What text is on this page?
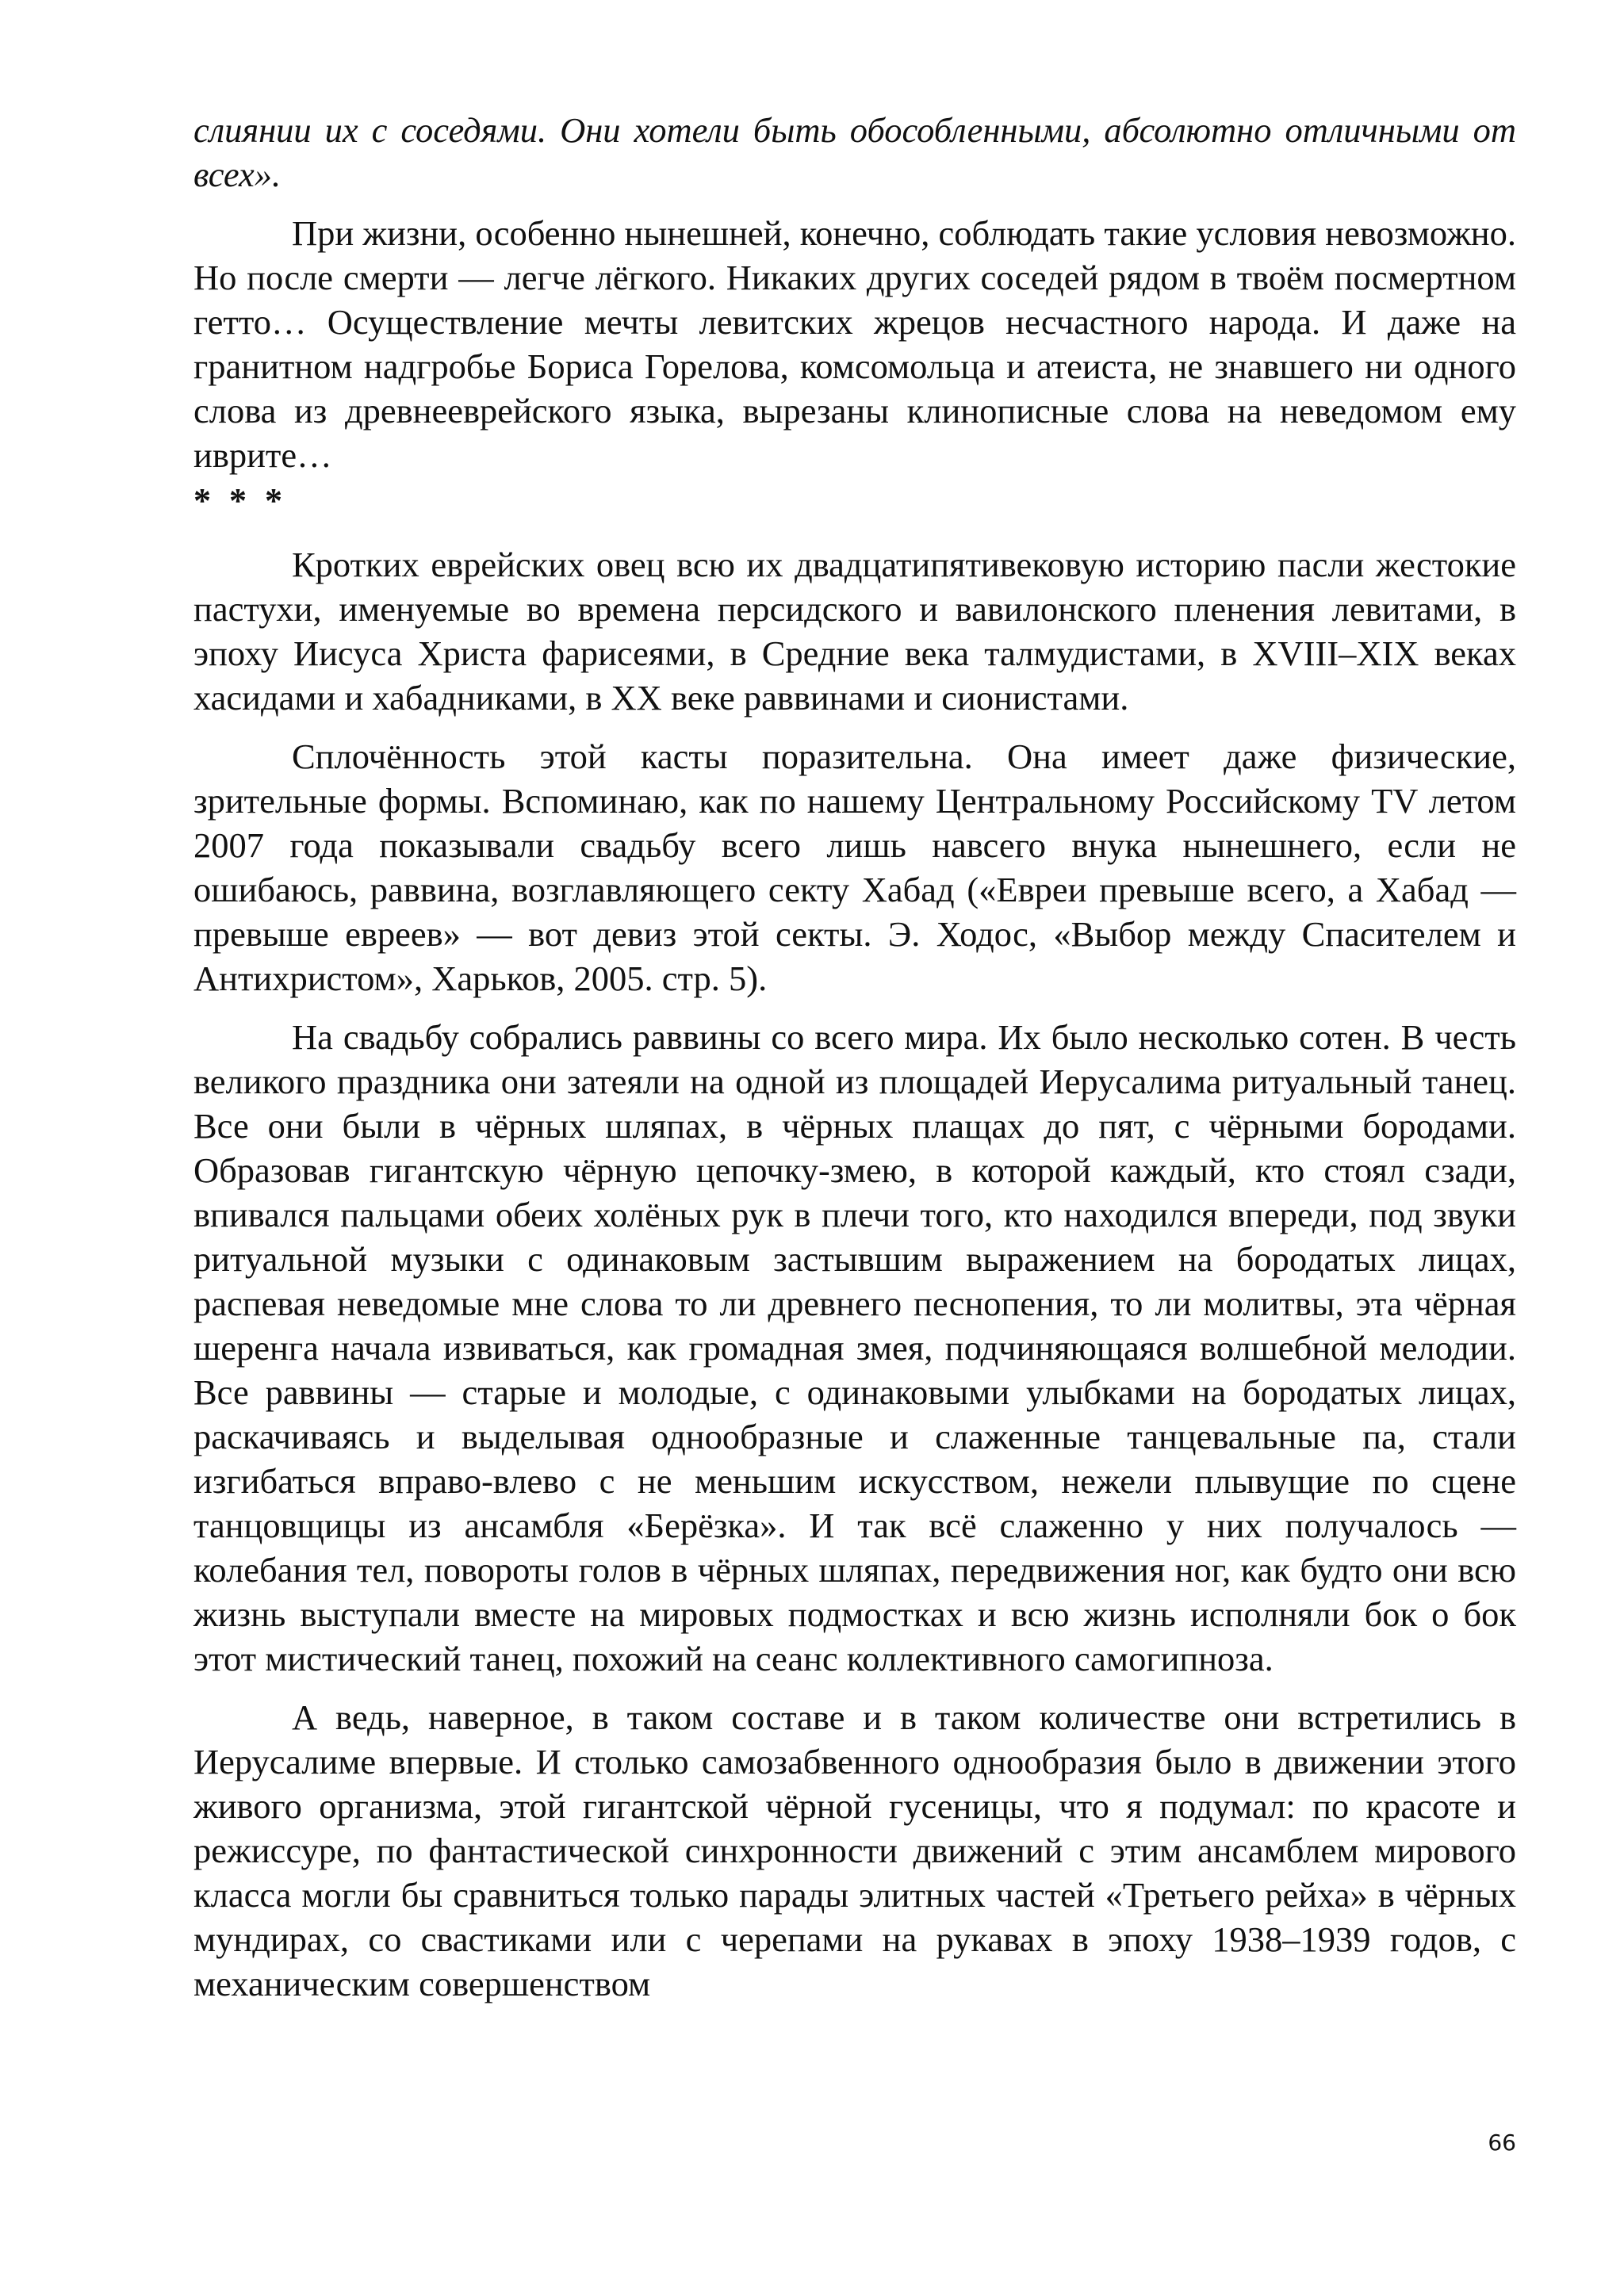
слиянии их с соседями. Они хотели быть обособленными, абсолютно отличными от всех».

При жизни, особенно нынешней, конечно, соблюдать такие условия невозможно. Но после смерти — легче лёгкого. Никаких других соседей рядом в твоём посмертном гетто… Осуществление мечты левитских жрецов несчастного народа. И даже на гранитном надгробье Бориса Горелова, комсомольца и атеиста, не знавшего ни одного слова из древнееврейского языка, вырезаны клинописные слова на неведомом ему иврите…

* * *

Кротких еврейских овец всю их двадцатипятивековую историю пасли жестокие пастухи, именуемые во времена персидского и вавилонского пленения левитами, в эпоху Иисуса Христа фарисеями, в Средние века талмудистами, в XVIII–XIX веках хасидами и хабадниками, в XX веке раввинами и сионистами.

Сплочённость этой касты поразительна. Она имеет даже физические, зрительные формы. Вспоминаю, как по нашему Центральному Российскому TV летом 2007 года показывали свадьбу всего лишь навсего внука нынешнего, если не ошибаюсь, раввина, возглавляющего секту Хабад («Евреи превыше всего, а Хабад — превыше евреев» — вот девиз этой секты. Э. Ходос, «Выбор между Спасителем и Антихристом», Харьков, 2005. стр. 5).

На свадьбу собрались раввины со всего мира. Их было несколько сотен. В честь великого праздника они затеяли на одной из площадей Иерусалима ритуальный танец. Все они были в чёрных шляпах, в чёрных плащах до пят, с чёрными бородами. Образовав гигантскую чёрную цепочку-змею, в которой каждый, кто стоял сзади, впивался пальцами обеих холёных рук в плечи того, кто находился впереди, под звуки ритуальной музыки с одинаковым застывшим выражением на бородатых лицах, распевая неведомые мне слова то ли древнего песнопения, то ли молитвы, эта чёрная шеренга начала извиваться, как громадная змея, подчиняющаяся волшебной мелодии. Все раввины — старые и молодые, с одинаковыми улыбками на бородатых лицах, раскачиваясь и выделывая однообразные и слаженные танцевальные па, стали изгибаться вправо-влево с не меньшим искусством, нежели плывущие по сцене танцовщицы из ансамбля «Берёзка». И так всё слаженно у них получалось — колебания тел, повороты голов в чёрных шляпах, передвижения ног, как будто они всю жизнь выступали вместе на мировых подмостках и всю жизнь исполняли бок о бок этот мистический танец, похожий на сеанс коллективного самогипноза.

А ведь, наверное, в таком составе и в таком количестве они встретились в Иерусалиме впервые. И столько самозабвенного однообразия было в движении этого живого организма, этой гигантской чёрной гусеницы, что я подумал: по красоте и режиссуре, по фантастической синхронности движений с этим ансамблем мирового класса могли бы сравниться только парады элитных частей «Третьего рейха» в чёрных мундирах, со свастиками или с черепами на рукавах в эпоху 1938–1939 годов, с механическим совершенством

66
